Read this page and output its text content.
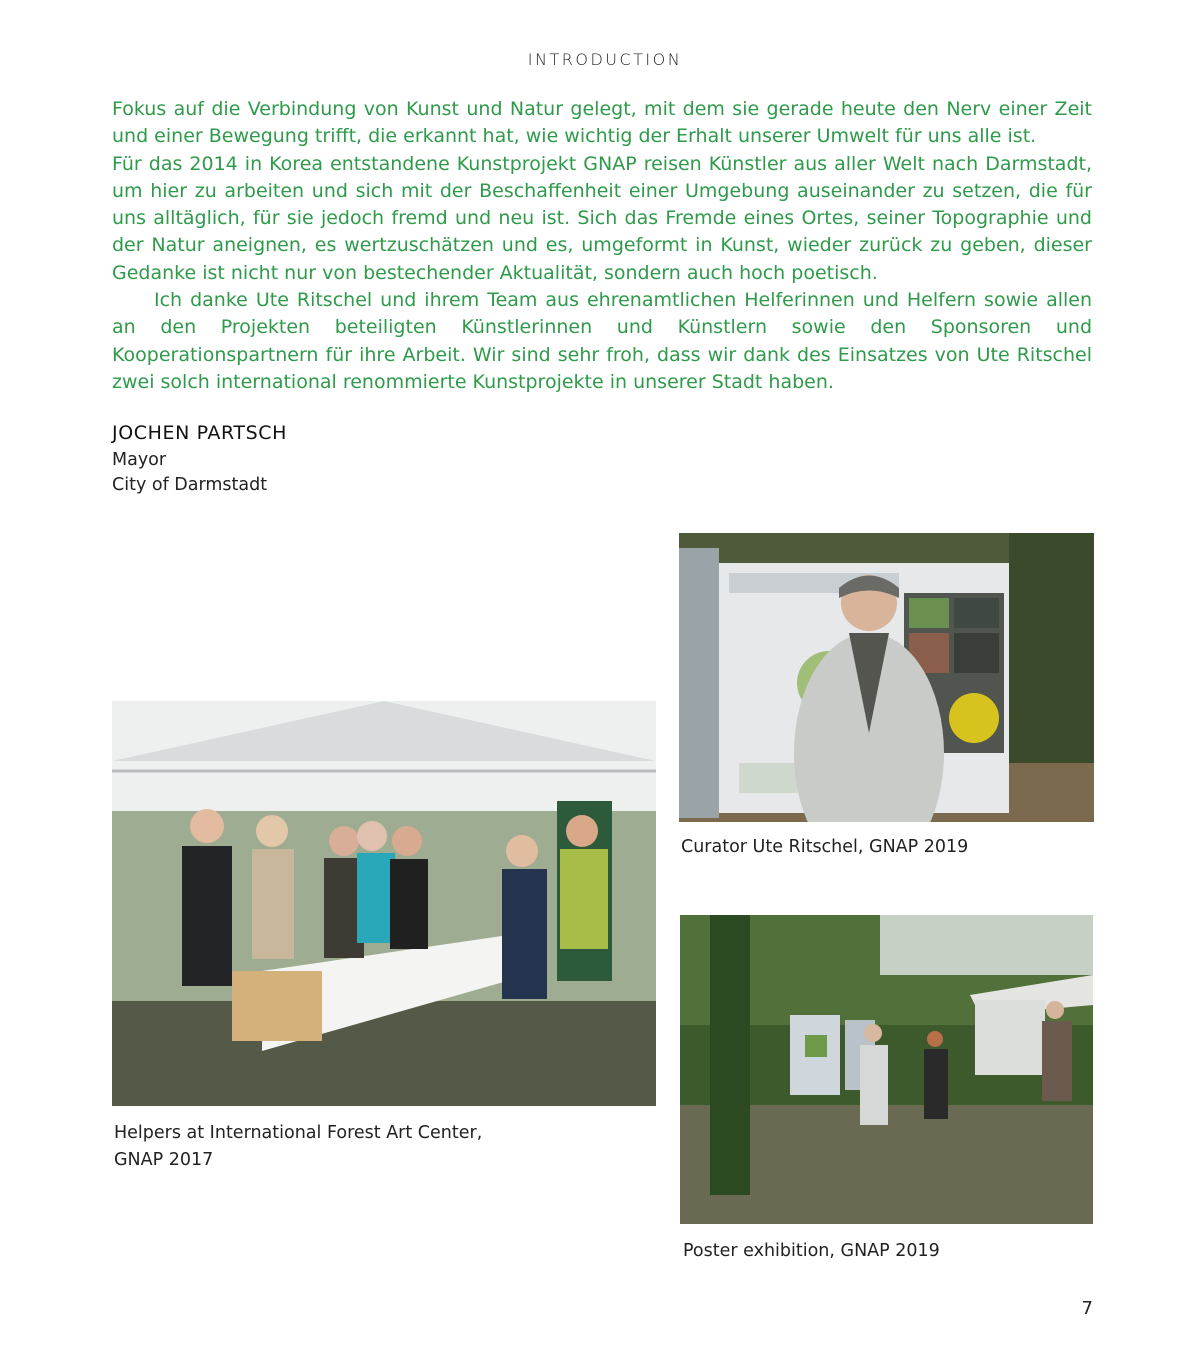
INTRODUCTION

Fokus auf die Verbindung von Kunst und Natur gelegt, mit dem sie gerade heute den Nerv einer Zeit und einer Bewegung trifft, die erkannt hat, wie wichtig der Erhalt unserer Umwelt für uns alle ist.

Für das 2014 in Korea entstandene Kunstprojekt GNAP reisen Künstler aus aller Welt nach Darmstadt, um hier zu arbeiten und sich mit der Beschaffenheit einer Umgebung auseinander zu setzen, die für uns alltäglich, für sie jedoch fremd und neu ist. Sich das Fremde eines Ortes, seiner Topographie und der Natur aneignen, es wertzuschätzen und es, umgeformt in Kunst, wieder zurück zu geben, dieser Gedanke ist nicht nur von bestechender Aktualität, sondern auch hoch poetisch.

Ich danke Ute Ritschel und ihrem Team aus ehrenamtlichen Helferinnen und Helfern sowie allen an den Projekten beteiligten Künstlerinnen und Künstlern sowie den Sponsoren und Kooperationspartnern für ihre Arbeit. Wir sind sehr froh, dass wir dank des Einsatzes von Ute Ritschel zwei solch international renommierte Kunstprojekte in unserer Stadt haben.

JOCHEN PARTSCH
Mayor
City of Darmstadt
Curator Ute Ritschel, GNAP 2019
Helpers at International Forest Art Center,
GNAP 2017
Poster exhibition, GNAP 2019
7
